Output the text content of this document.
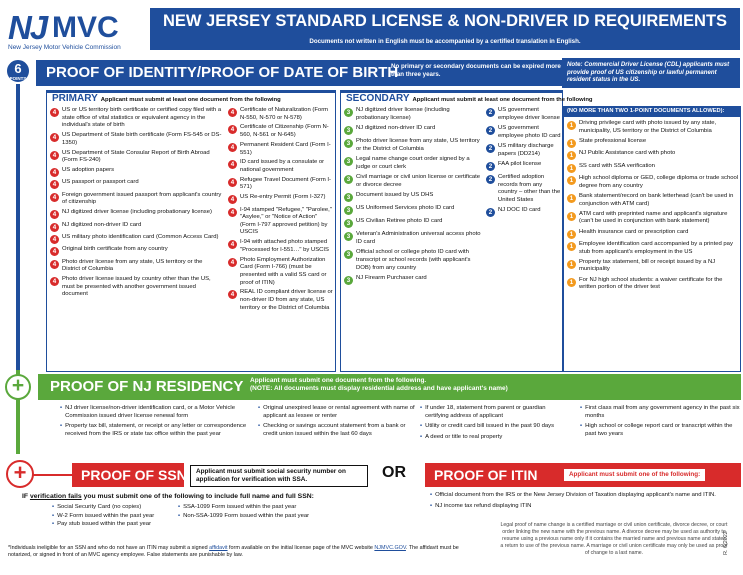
NJ MVC
New Jersey Motor Vehicle Commission
NEW JERSEY STANDARD LICENSE & NON-DRIVER ID REQUIREMENTS
Documents not written in English must be accompanied by a certified translation in English.
6
POINTS	PROOF OF IDENTITY/PROOF OF DATE OF BIRTH
No primary or secondary documents can be expired more than three years.
Note: Commercial Driver License (CDL) applicants must provide proof of US citizenship or lawful permanent resident status in the US.
PRIMARY Applicant must submit at least one document from the following
4 US or US territory birth certificate or certified copy filed with a state office of vital statistics or equivalent agency in the individual's state of birth
4 US Department of State birth certificate (Form FS-545 or DS-1350)
4 US Department of State Consular Report of Birth Abroad (Form FS-240)
4 US adoption papers
4 US passport or passport card
4 Foreign government issued passport from applicant's country of citizenship
4 NJ digitized driver license (including probationary license)
4 NJ digitized non-driver ID card
4 US military photo identification card (Common Access Card)
4 Original birth certificate from any country
4 Photo driver license from any state, US territory or the District of Columbia
4 Photo driver license issued by country other than the US, must be presented with another government issued document
4 Certificate of Naturalization (Form N-550, N-570 or N-578)
4 Certificate of Citizenship (Form N-560, N-561 or N-645)
4 Permanent Resident Card (Form I-551)
4 ID card issued by a consulate or national government
4 Refugee Travel Document (Form I-571)
4 US Re-entry Permit (Form I-327)
4 I-94 stamped "Refugee," "Parolee," "Asylee," or "Notice of Action" (Form I-797 approved petition) by USCIS
4 I-94 with attached photo stamped "Processed for I-551…" by USCIS
4 Photo Employment Authorization Card (Form I-766) (must be presented with a valid SS card or proof of ITIN)
4 REAL ID compliant driver license or non-driver ID from any state, US territory or the District of Columbia
SECONDARY Applicant must submit at least one document from the following
3 NJ digitized driver license (including probationary license)
3 NJ digitized non-driver ID card
3 Photo driver license from any state, US territory or the District of Columbia
3 Legal name change court order signed by a judge or court clerk
3 Civil marriage or civil union license or certificate or divorce decree
3 Document issued by US DHS
3 US Uniformed Services photo ID card
3 US Civilian Retiree photo ID card
3 Veteran's Administration universal access photo ID card
3 Official school or college photo ID card with transcript or school records (with applicant's DOB) from any country
3 NJ Firearm Purchaser card
2 US government employee driver license
2 US government employee photo ID card
2 US military discharge papers (DD214)
2 FAA pilot license
2 Certified adoption records from any country – other than the United States
2 NJ DOC ID card
(NO MORE THAN TWO 1-POINT DOCUMENTS ALLOWED):
1 Driving privilege card with photo issued by any state, municipality, US territory or the District of Columbia
1 State professional license
1 NJ Public Assistance card with photo
1 SS card with SSA verification
1 High school diploma or GED, college diploma or trade school degree from any country
1 Bank statement/record on bank letterhead (can't be used in conjunction with ATM card)
1 ATM card with preprinted name and applicant's signature (can't be used in conjunction with bank statement)
1 Health insurance card or prescription card
1 Employee identification card accompanied by a printed pay stub from applicant's employment in the US
1 Property tax statement, bill or receipt issued by a NJ municipality
1 For NJ high school students: a waiver certificate for the written portion of the driver test
+	PROOF OF NJ RESIDENCY Applicant must submit one document from the following.
(NOTE: All documents must display residential address and have applicant's name)
• NJ driver license/non-driver identification card, or a Motor Vehicle Commission issued driver license renewal form
• Property tax bill, statement, or receipt or any letter or correspondence received from the IRS or state tax office within the past year
• Original unexpired lease or rental agreement with name of applicant as lessee or renter
• Checking or savings account statement from a bank or credit union issued within the last 60 days
• If under 18, statement from parent or guardian certifying address of applicant
• Utility or credit card bill issued in the past 90 days
• A deed or title to real property
• First class mail from any government agency in the past six months
• High school or college report card or transcript within the past two years
+	PROOF OF SSN	Applicant must submit social security number on application for verification with SSA.	OR PROOF OF ITIN	Applicant must submit one of the following:
IF verification fails you must submit one of the following to include full name and full SSN:
• Social Security Card (no copies)
• W-2 Form issued within the past year
• Pay stub issued within the past year
• SSA-1099 Form issued within the past year
• Non-SSA-1099 Form issued within the past year
• Official document from the IRS or the New Jersey Division of Taxation displaying applicant's name and ITIN.
• NJ income tax refund displaying ITIN
*Individuals ineligible for an SSN and who do not have an ITIN may submit a signed affidavit form available on the initial license page of the MVC website NJMVC.GOV. The affidavit must be notarized, or signed in front of an MVC agency employee. False statements are punishable by law.
Legal proof of name change is a certified marriage or civil union certificate, divorce decree, or court order linking the new name with the previous name. A divorce decree may be used as authority to resume using a previous name only if it contains the married name and previous name and states a return to use of the previous name. A marriage or civil union certificate may only be used as proof of change to a last name.	R. 6/2022
